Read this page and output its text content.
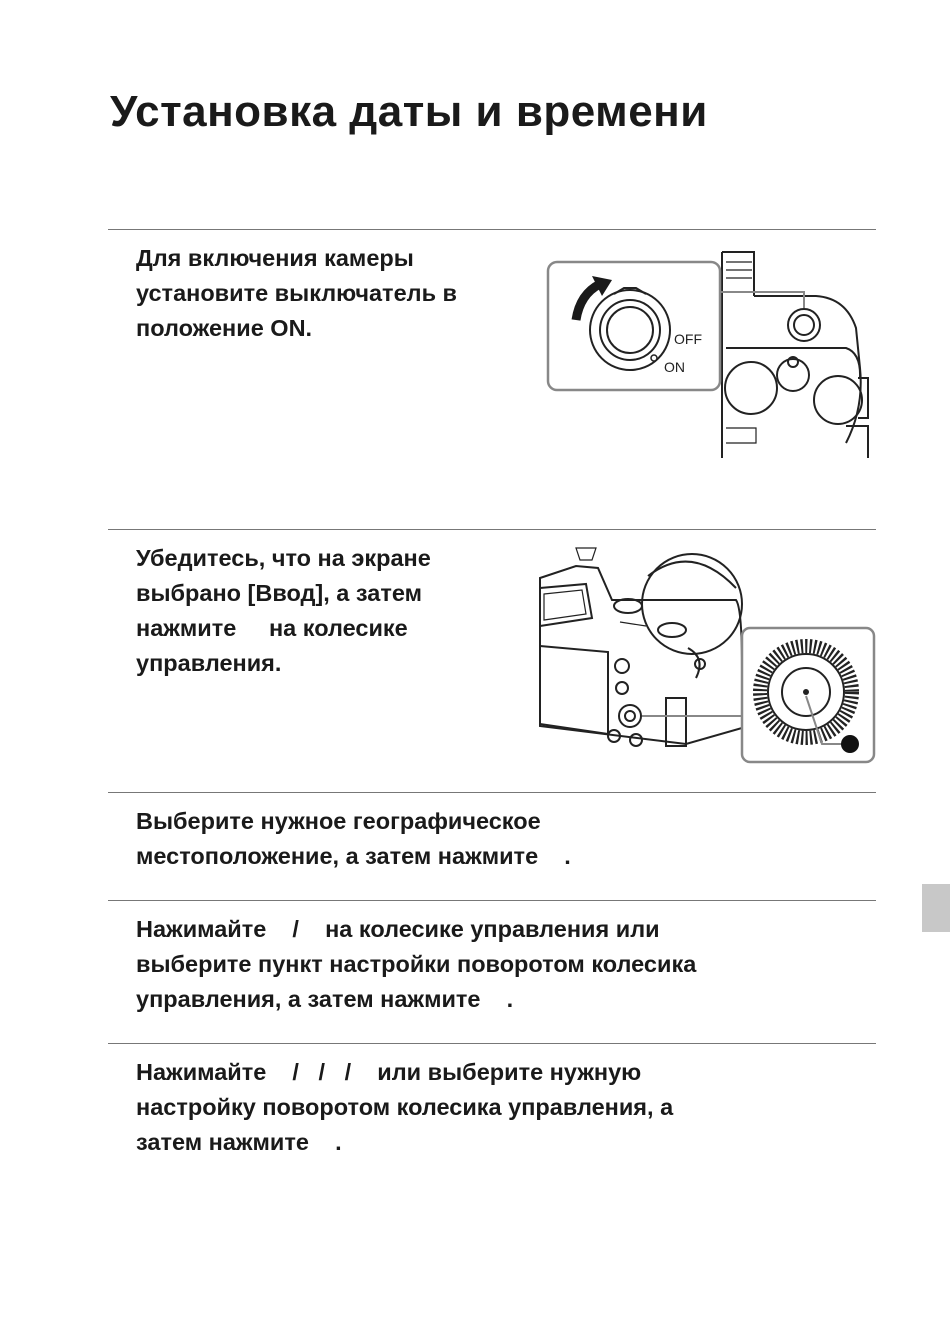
Установка даты и времени
Для включения камеры
установите выключатель в
положение ON.	OFF
ON
Убедитесь, что на экране
выбрано [Ввод], а затем
нажмите     на колесике
управления.
Выберите нужное географическое
местоположение, а затем нажмите    .
Нажимайте    /    на колесике управления или
выберите пункт настройки поворотом колесика
управления, а затем нажмите    .
Нажимайте    /   /   /    или выберите нужную
настройку поворотом колесика управления, а
затем нажмите    .
